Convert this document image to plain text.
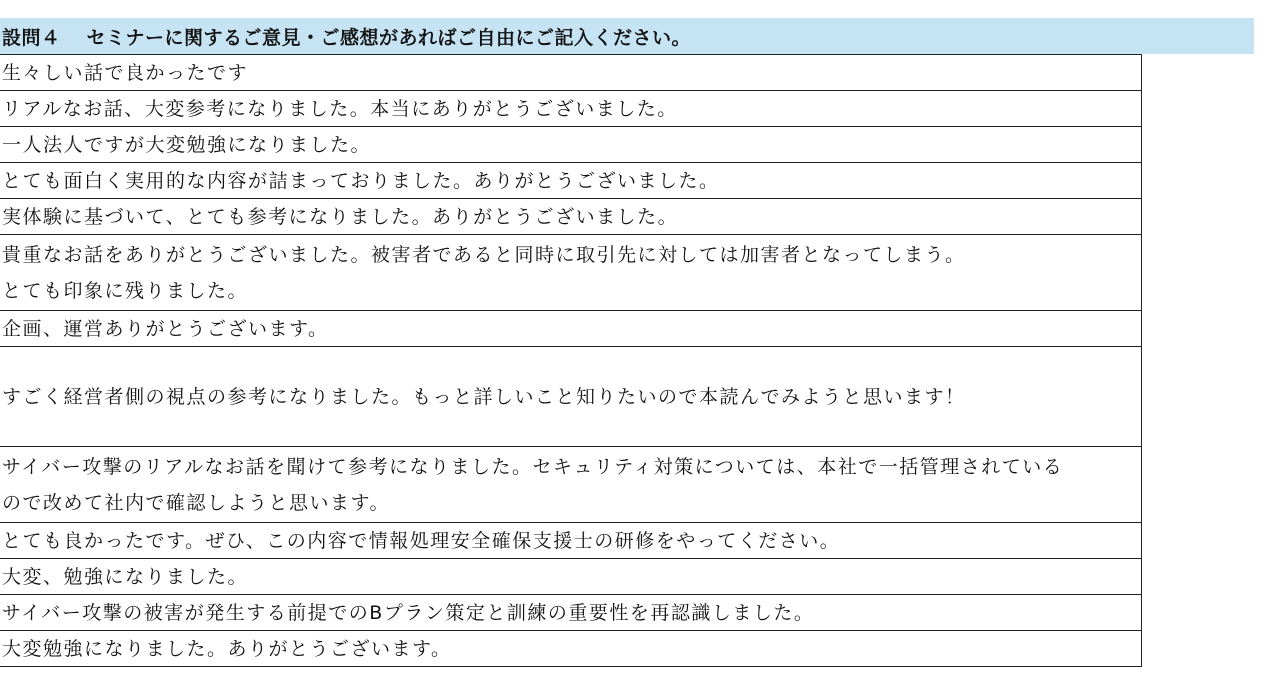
設問４ セミナーに関するご意見・ご感想があればご自由にご記入ください。
生々しい話で良かったです
リアルなお話、大変参考になりました。本当にありがとうございました。
一人法人ですが大変勉強になりました。
とても面白く実用的な内容が詰まっておりました。ありがとうございました。
実体験に基づいて、とても参考になりました。ありがとうございました。
貴重なお話をありがとうございました。被害者であると同時に取引先に対しては加害者となってしまう。
とても印象に残りました。
企画、運営ありがとうございます。
すごく経営者側の視点の参考になりました。もっと詳しいこと知りたいので本読んでみようと思います！
サイバー攻撃のリアルなお話を聞けて参考になりました。セキュリティ対策については、本社で一括管理されている
ので改めて社内で確認しようと思います。
とても良かったです。ぜひ、この内容で情報処理安全確保支援士の研修をやってください。
大変、勉強になりました。
サイバー攻撃の被害が発生する前提でのBプラン策定と訓練の重要性を再認識しました。
大変勉強になりました。ありがとうございます。
